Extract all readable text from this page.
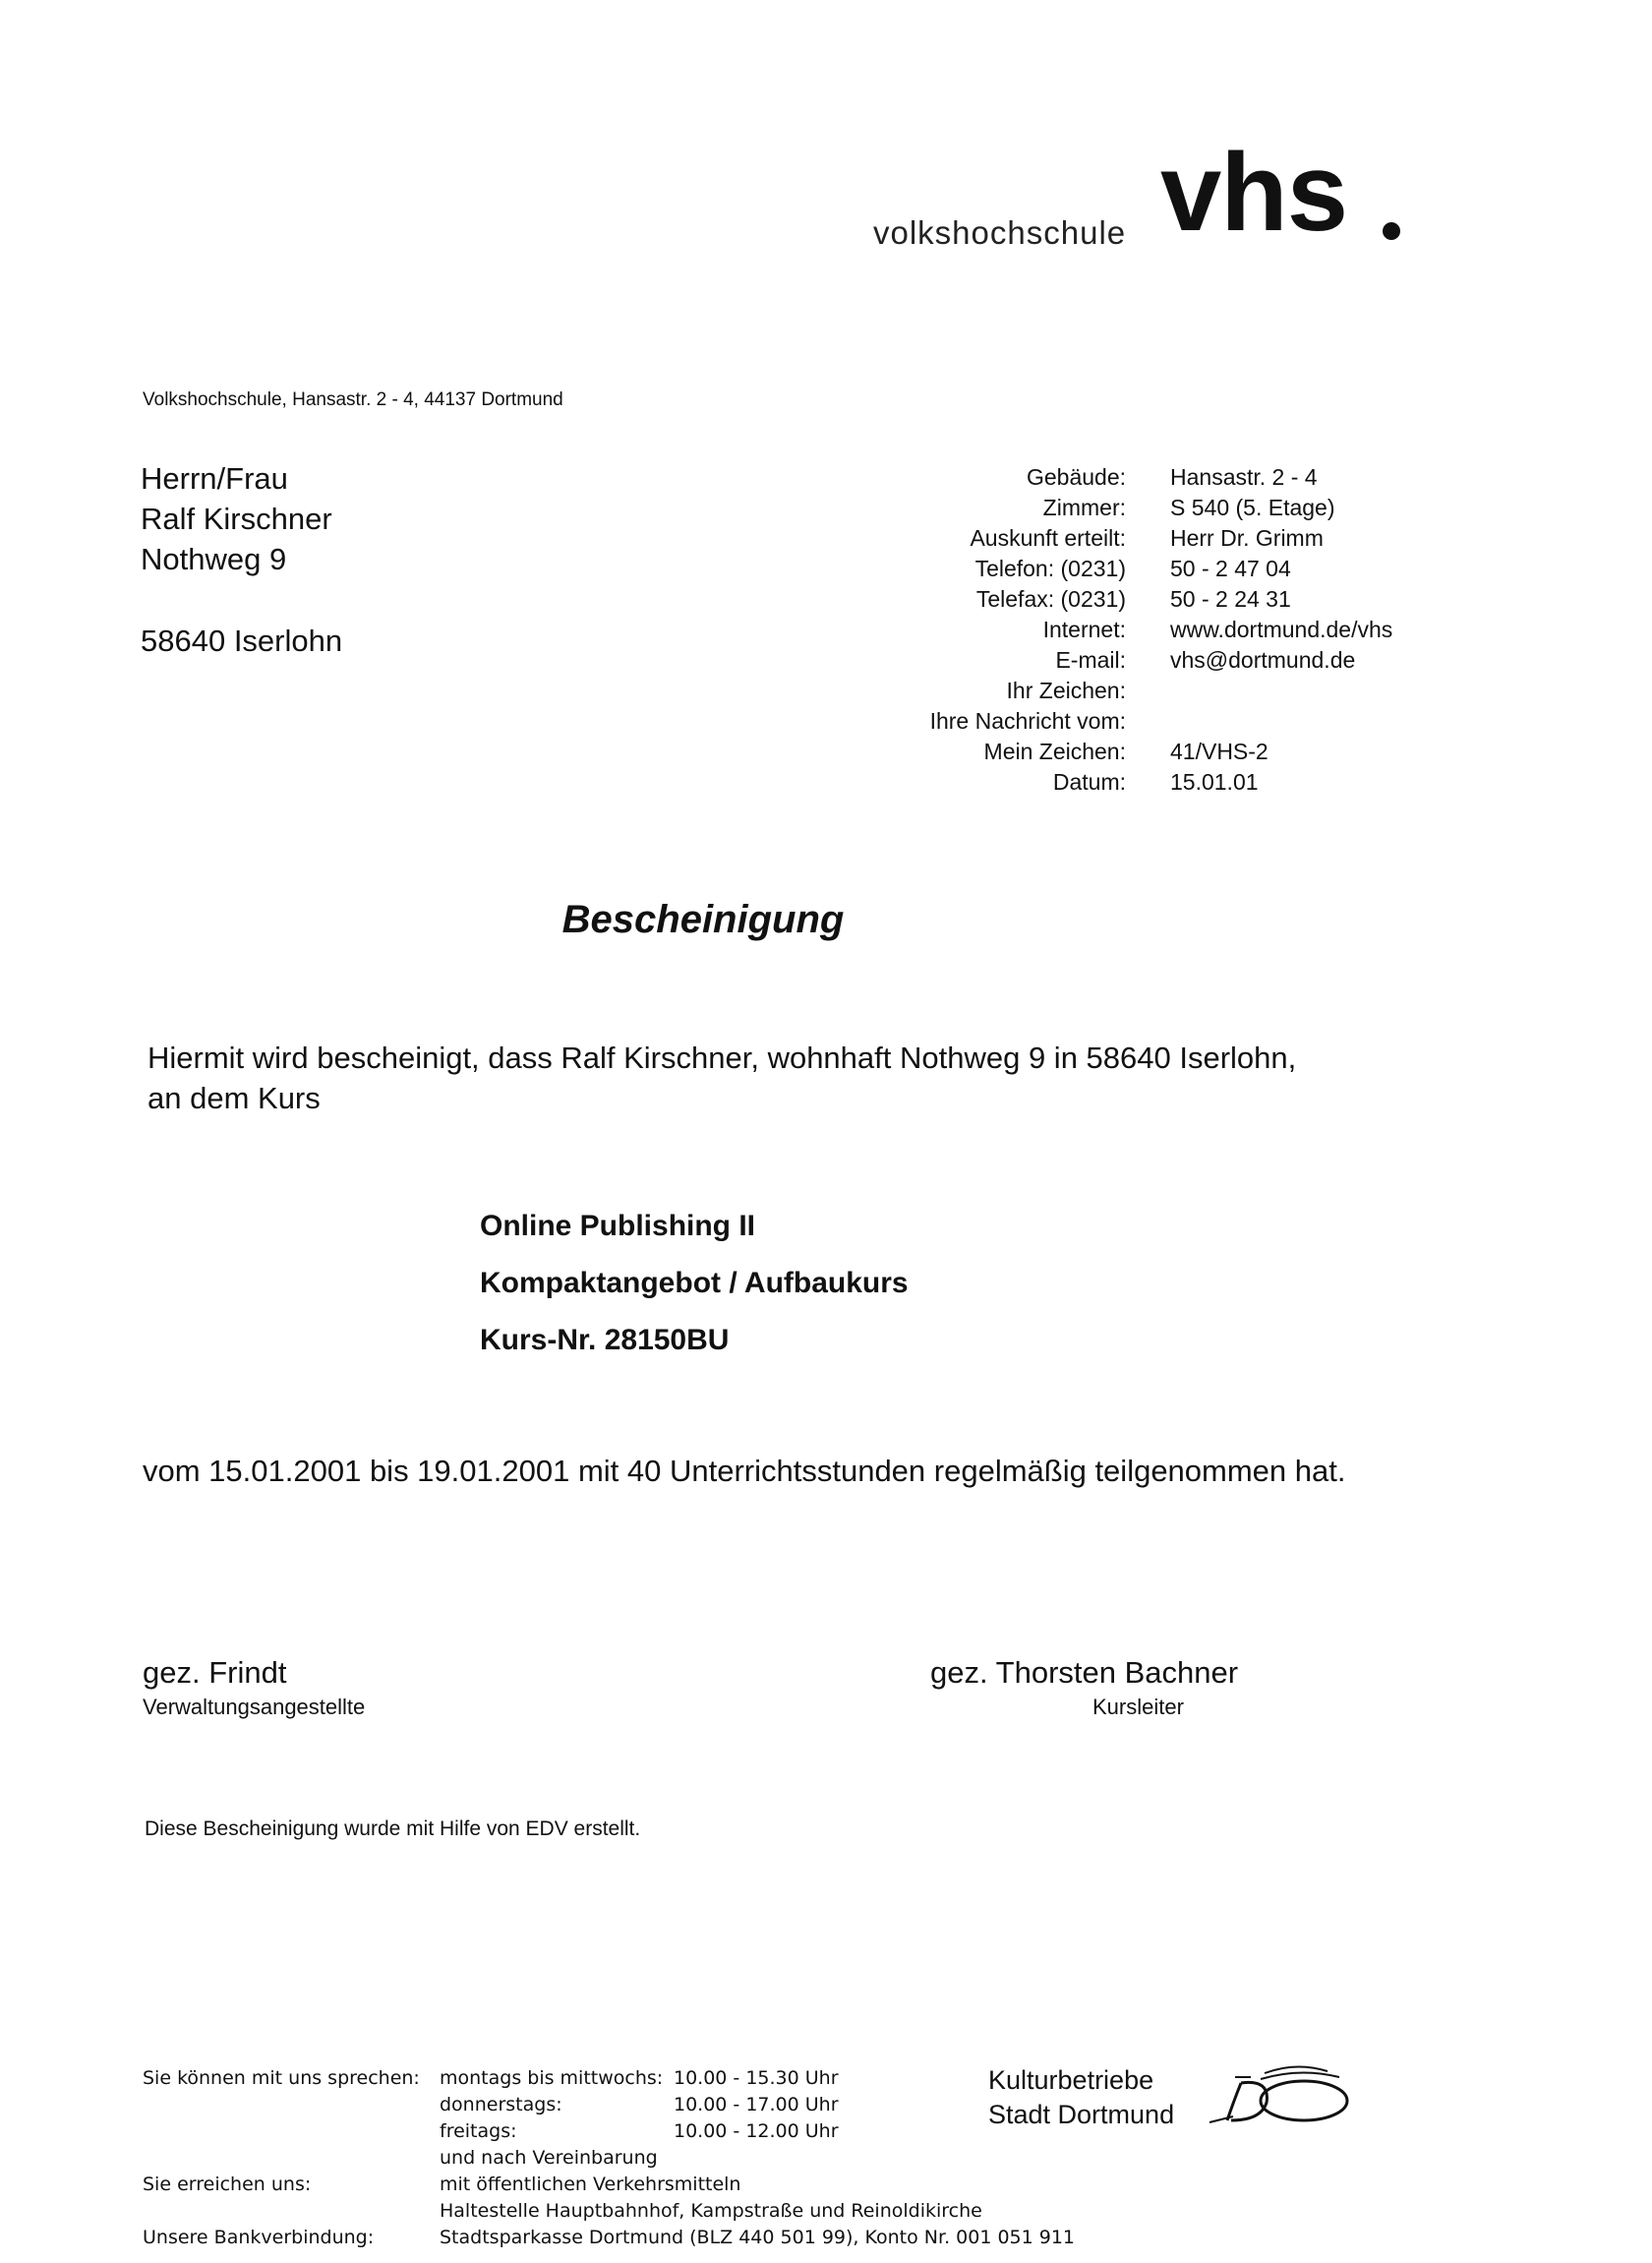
volkshochschule vhs
Volkshochschule, Hansastr. 2 - 4, 44137 Dortmund
Herrn/Frau
Ralf Kirschner
Nothweg 9
58640 Iserlohn
Gebäude: Hansastr. 2 - 4
Zimmer: S 540 (5. Etage)
Auskunft erteilt: Herr Dr. Grimm
Telefon: (0231) 50 - 2 47 04
Telefax: (0231) 50 - 2 24 31
Internet: www.dortmund.de/vhs
E-mail: vhs@dortmund.de
Ihr Zeichen:
Ihre Nachricht vom:
Mein Zeichen: 41/VHS-2
Datum: 15.01.01
Bescheinigung
Hiermit wird bescheinigt, dass Ralf Kirschner, wohnhaft Nothweg 9 in 58640 Iserlohn,
an dem Kurs
Online Publishing II
Kompaktangebot / Aufbaukurs
Kurs-Nr. 28150BU
vom 15.01.2001 bis 19.01.2001 mit 40 Unterrichtsstunden regelmäßig teilgenommen hat.
gez. Frindt
Verwaltungsangestellte
gez. Thorsten Bachner
Kursleiter
Diese Bescheinigung wurde mit Hilfe von EDV erstellt.
Sie können mit uns sprechen: montags bis mittwochs: 10.00 - 15.30 Uhr
donnerstags:	10.00 - 17.00 Uhr
freitags:	10.00 - 12.00 Uhr
und nach Vereinbarung
Sie erreichen uns:	mit öffentlichen Verkehrsmitteln
Haltestelle Hauptbahnhof, Kampstraße und Reinoldikirche
Unsere Bankverbindung:	Stadtsparkasse Dortmund (BLZ 440 501 99), Konto Nr. 001 051 911
Kulturbetriebe
Stadt Dortmund
